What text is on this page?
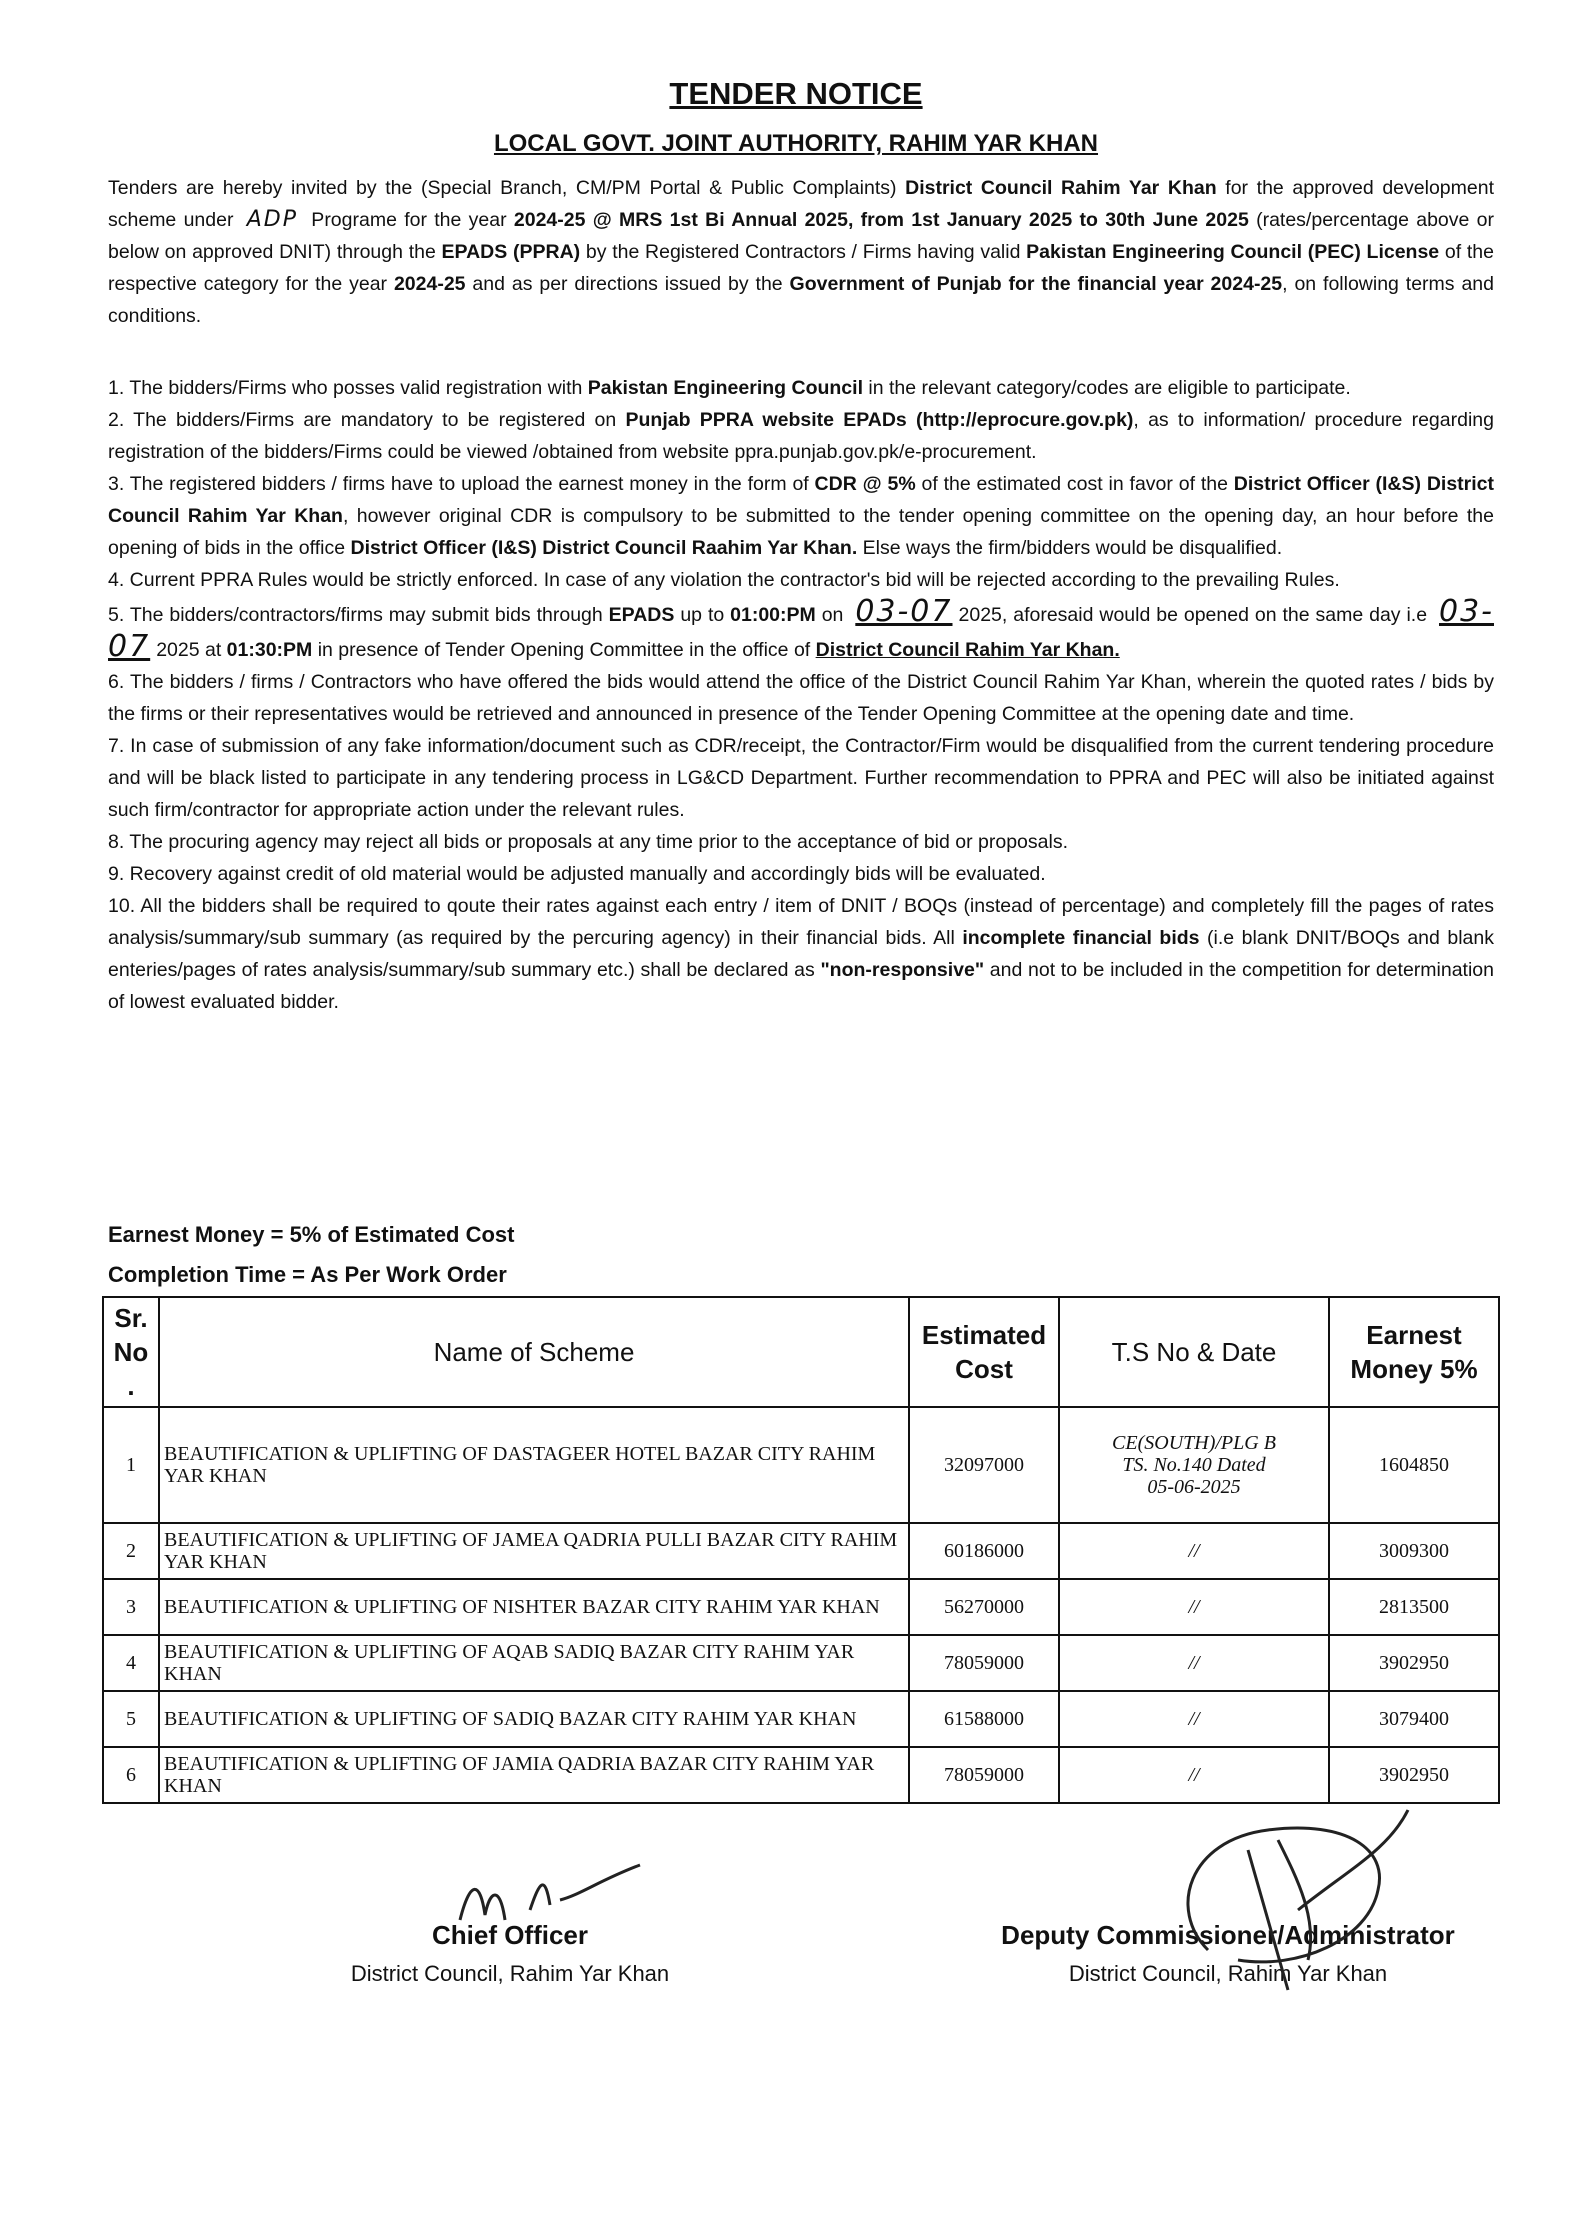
TENDER NOTICE
LOCAL GOVT. JOINT AUTHORITY, RAHIM YAR KHAN
Tenders are hereby invited by the (Special Branch, CM/PM Portal & Public Complaints) District Council Rahim Yar Khan for the approved development scheme under ADP Programe for the year 2024-25 @ MRS 1st Bi Annual 2025, from 1st January 2025 to 30th June 2025 (rates/percentage above or below on approved DNIT) through the EPADS (PPRA) by the Registered Contractors / Firms having valid Pakistan Engineering Council (PEC) License of the respective category for the year 2024-25 and as per directions issued by the Government of Punjab for the financial year 2024-25, on following terms and conditions.

1. The bidders/Firms who posses valid registration with Pakistan Engineering Council in the relevant category/codes are eligible to participate.

2. The bidders/Firms are mandatory to be registered on Punjab PPRA website EPADs (http://eprocure.gov.pk), as to information/ procedure regarding registration of the bidders/Firms could be viewed /obtained from website ppra.punjab.gov.pk/e-procurement.

3. The registered bidders / firms have to upload the earnest money in the form of CDR @ 5% of the estimated cost in favor of the District Officer (I&S) District Council Rahim Yar Khan, however original CDR is compulsory to be submitted to the tender opening committee on the opening day, an hour before the opening of bids in the office District Officer (I&S) District Council Raahim Yar Khan. Else ways the firm/bidders would be disqualified.

4. Current PPRA Rules would be strictly enforced. In case of any violation the contractor's bid will be rejected according to the prevailing Rules.

5. The bidders/contractors/firms may submit bids through EPADS up to 01:00:PM on 03-07 2025, aforesaid would be opened on the same day i.e 03-07 2025 at 01:30:PM in presence of Tender Opening Committee in the office of District Council Rahim Yar Khan.

6. The bidders / firms / Contractors who have offered the bids would attend the office of the District Council Rahim Yar Khan, wherein the quoted rates / bids by the firms or their representatives would be retrieved and announced in presence of the Tender Opening Committee at the opening date and time.

7. In case of submission of any fake information/document such as CDR/receipt, the Contractor/Firm would be disqualified from the current tendering procedure and will be black listed to participate in any tendering process in LG&CD Department. Further recommendation to PPRA and PEC will also be initiated against such firm/contractor for appropriate action under the relevant rules.

8. The procuring agency may reject all bids or proposals at any time prior to the acceptance of bid or proposals.

9. Recovery against credit of old material would be adjusted manually and accordingly bids will be evaluated.

10. All the bidders shall be required to qoute their rates against each entry / item of DNIT / BOQs (instead of percentage) and completely fill the pages of rates analysis/summary/sub summary (as required by the percuring agency) in their financial bids. All incomplete financial bids (i.e blank DNIT/BOQs and blank enteries/pages of rates analysis/summary/sub summary etc.) shall be declared as "non-responsive" and not to be included in the competition for determination of lowest evaluated bidder.

Earnest Money = 5% of Estimated Cost
Completion Time = As Per Work Order
Sr. No .	Name of Scheme	Estimated Cost	T.S No & Date	Earnest Money 5%
1	BEAUTIFICATION & UPLIFTING OF DASTAGEER HOTEL BAZAR CITY RAHIM YAR KHAN	32097000	CE(SOUTH)/PLG B
TS. No.140 Dated
05-06-2025	1604850
2	BEAUTIFICATION & UPLIFTING OF JAMEA QADRIA PULLI BAZAR CITY RAHIM YAR KHAN	60186000	//	3009300
3	BEAUTIFICATION & UPLIFTING OF NISHTER BAZAR CITY RAHIM YAR KHAN	56270000	//	2813500
4	BEAUTIFICATION & UPLIFTING OF AQAB SADIQ BAZAR CITY RAHIM YAR KHAN	78059000	//	3902950
5	BEAUTIFICATION & UPLIFTING OF SADIQ BAZAR CITY RAHIM YAR KHAN	61588000	//	3079400
6	BEAUTIFICATION & UPLIFTING OF JAMIA QADRIA BAZAR CITY RAHIM YAR KHAN	78059000	//	3902950
Chief Officer
District Council, Rahim Yar Khan
Deputy Commissioner/Administrator
District Council, Rahim Yar Khan
